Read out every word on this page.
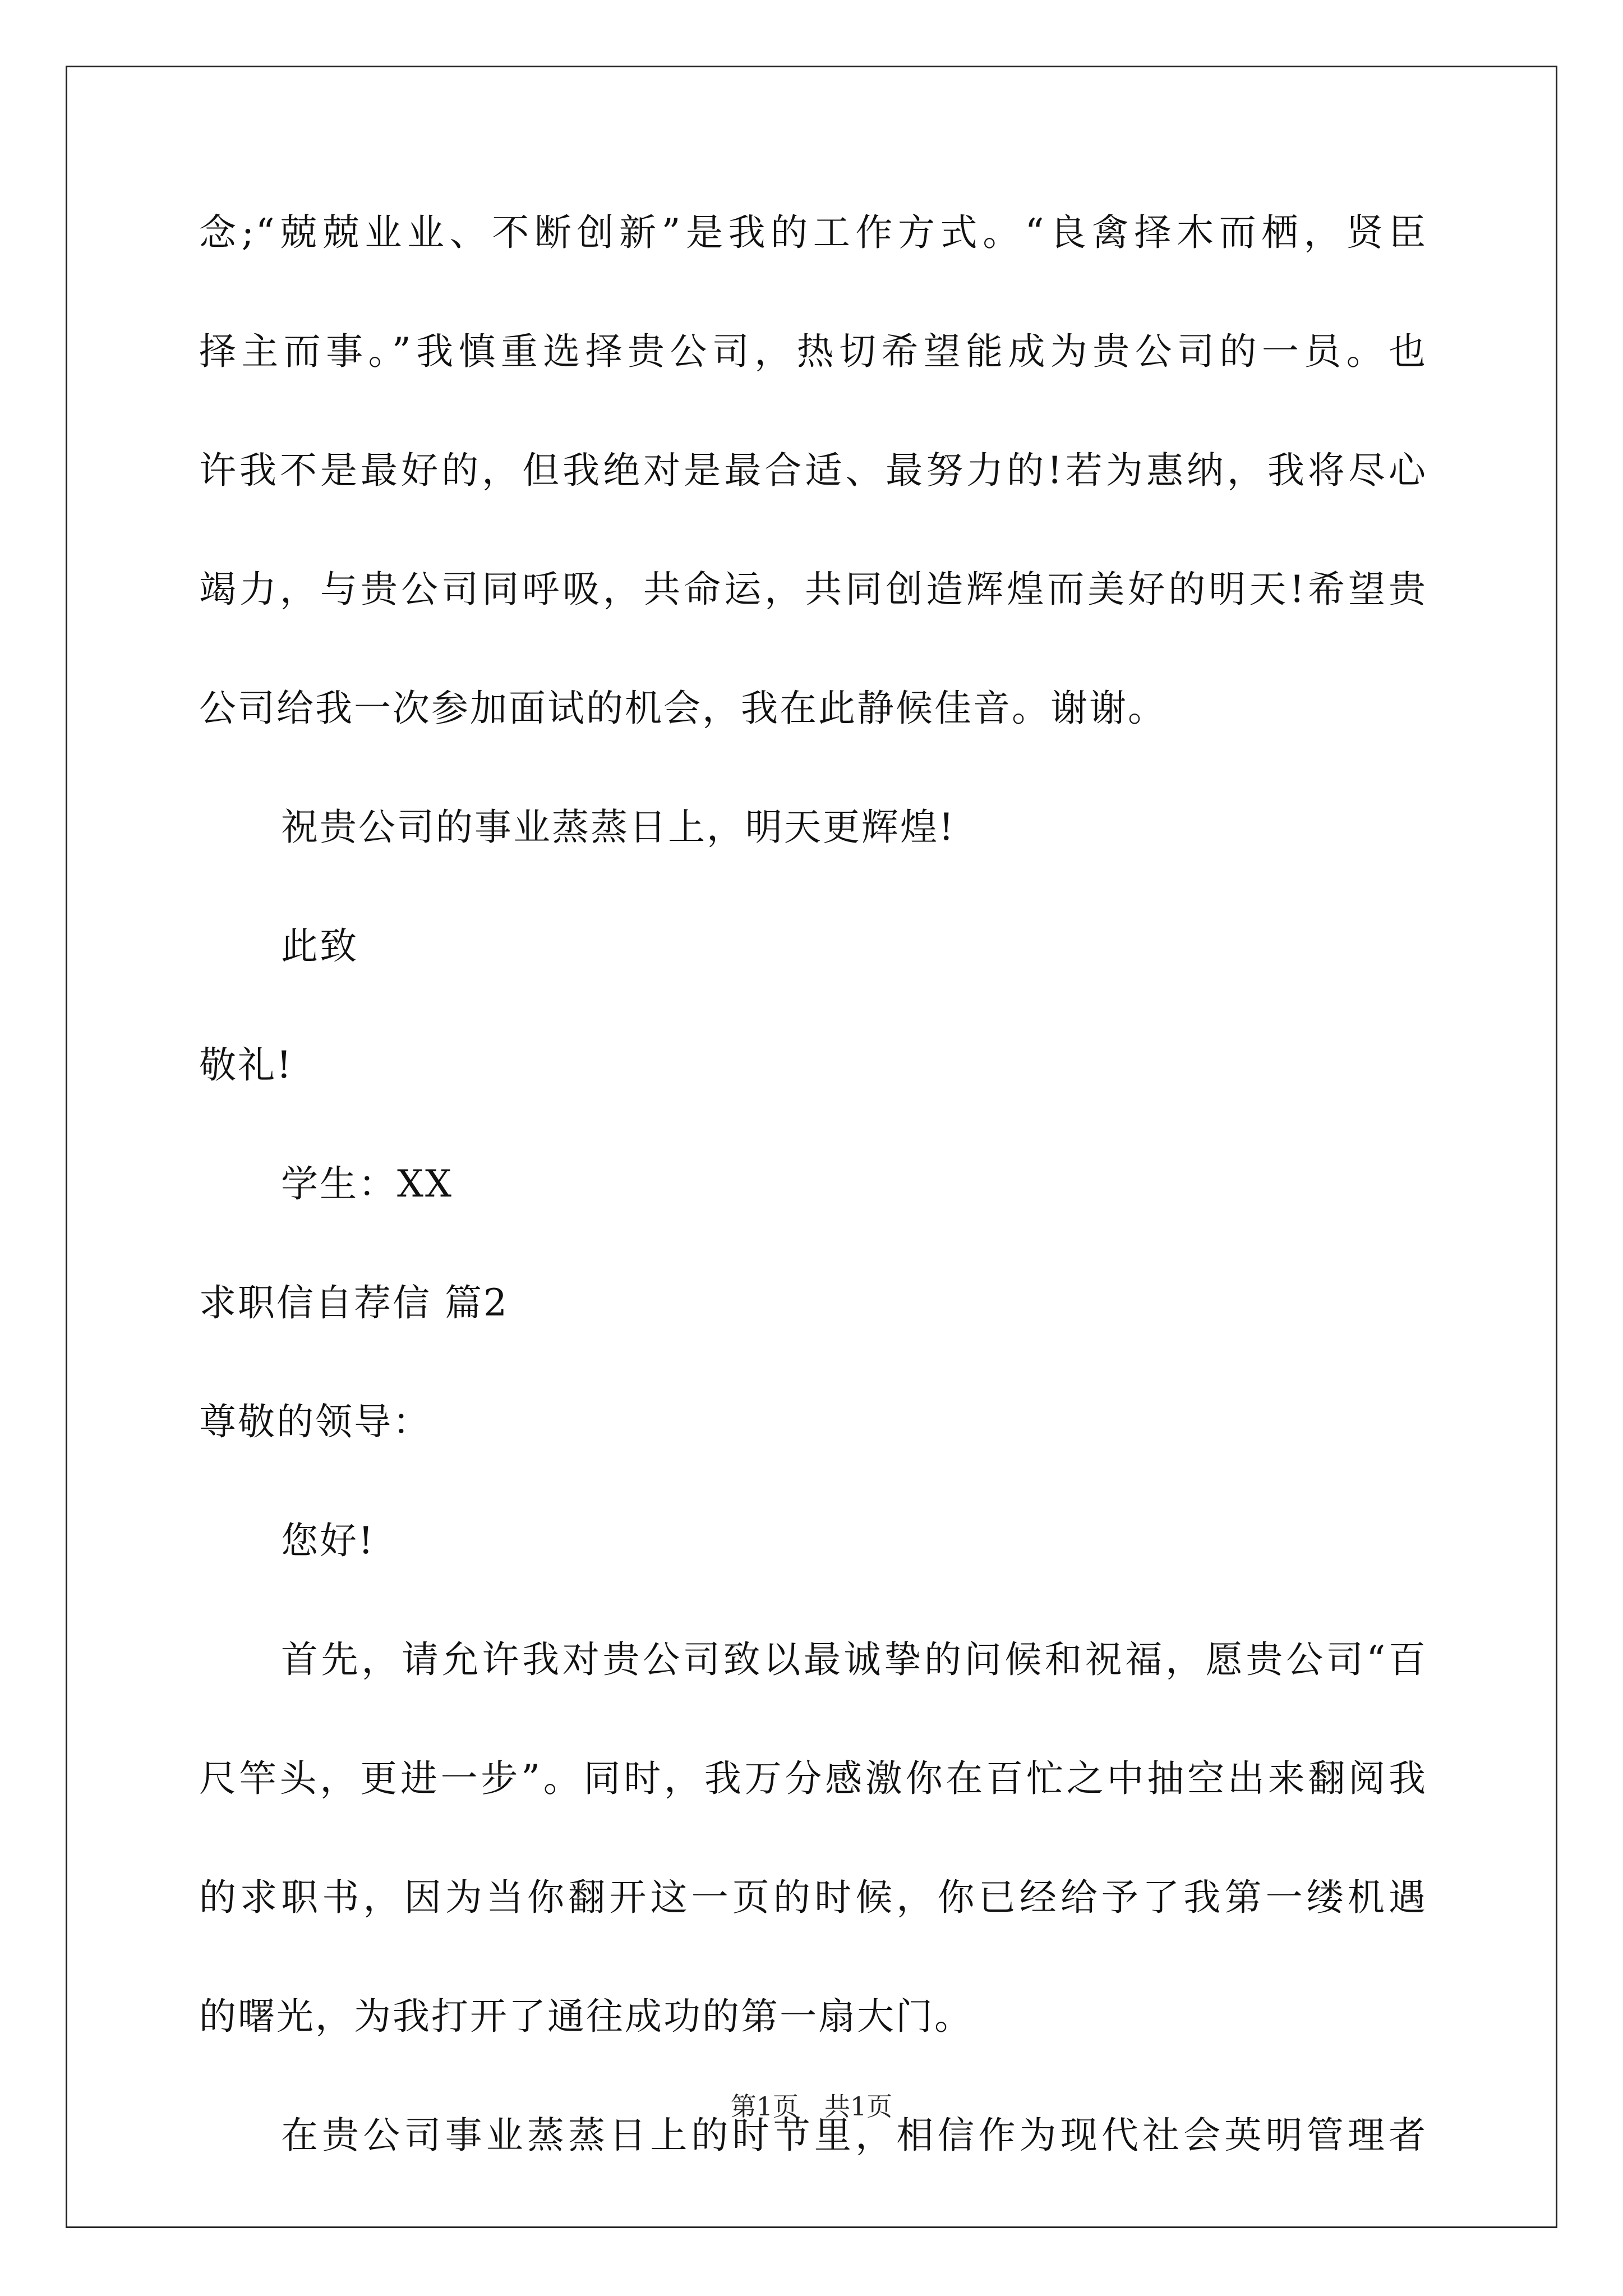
念;“兢兢业业、不断创新”是我的工作方式。“良禽择木而栖，贤臣
择主而事。”我慎重选择贵公司，热切希望能成为贵公司的一员。也
许我不是最好的，但我绝对是最合适、最努力的!若为惠纳，我将尽心
竭力，与贵公司同呼吸，共命运，共同创造辉煌而美好的明天!希望贵
公司给我一次参加面试的机会，我在此静候佳音。谢谢。
祝贵公司的事业蒸蒸日上，明天更辉煌!
此致
敬礼!
学生：XX
求职信自荐信 篇2
尊敬的领导：
您好!
首先，请允许我对贵公司致以最诚挚的问候和祝福，愿贵公司“百
尺竿头，更进一步”。同时，我万分感激你在百忙之中抽空出来翻阅我
的求职书，因为当你翻开这一页的时候，你已经给予了我第一缕机遇
的曙光，为我打开了通往成功的第一扇大门。
在贵公司事业蒸蒸日上的时节里，相信作为现代社会英明管理者
第1页　共1页
